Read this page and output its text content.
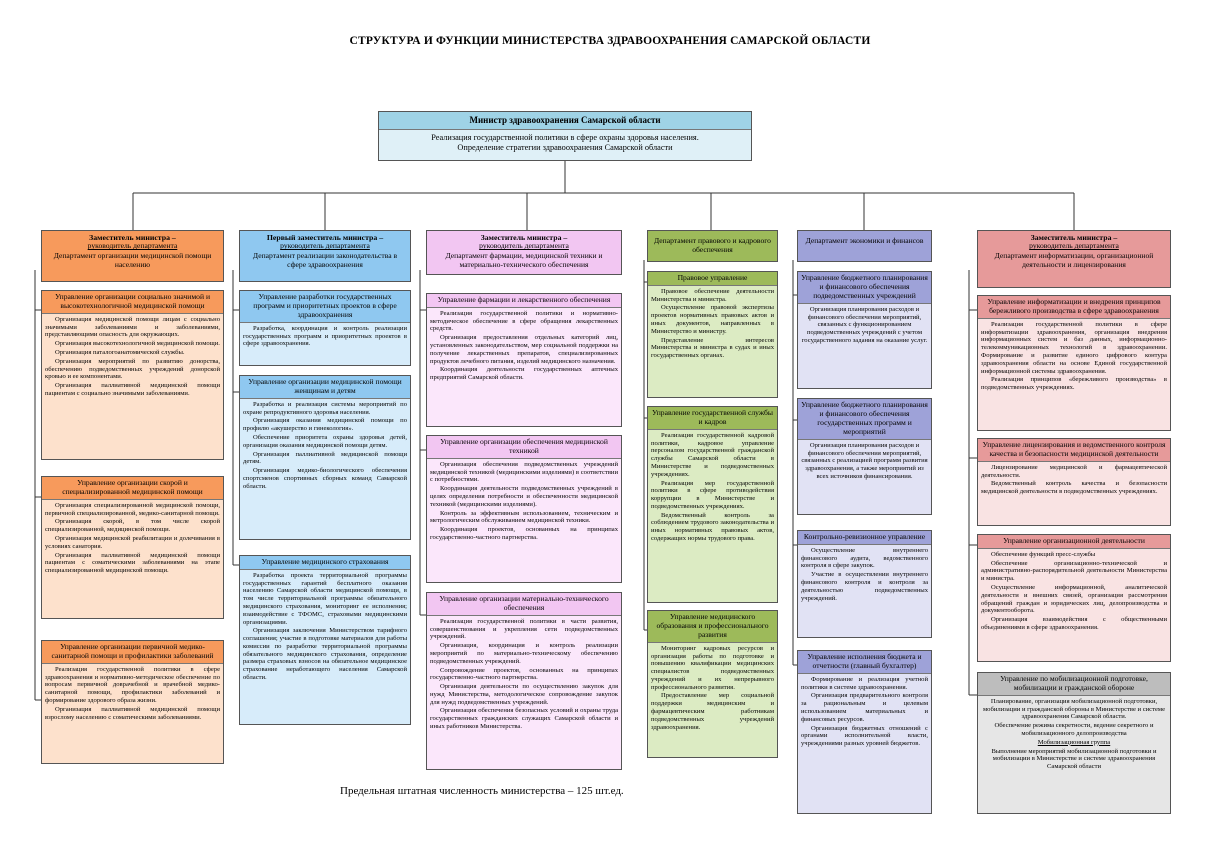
СТРУКТУРА И ФУНКЦИИ МИНИСТЕРСТВА ЗДРАВООХРАНЕНИЯ САМАРСКОЙ ОБЛАСТИ
Министр здравоохранения Самарской области
Реализация государственной политики в сфере охраны здоровья населения.
Определение стратегии здравоохранения Самарской области
Заместитель министра –
руководитель департамента
Департамент организации медицинской помощи населению
Управление организации социально значимой и высокотехнологичной медицинской помощи

Организация медицинской помощи лицам с социально значимыми заболеваниями и заболеваниями, представляющими опасность для окружающих.

Организация высокотехнологичной медицинской помощи.

Организация паталогоанатомической службы.

Организация мероприятий по развитию донорства, обеспечению подведомственных учреждений донорской кровью и ее компонентами.

Организация паллиативной медицинской помощи пациентам с социально значимыми заболеваниями.

Управление организации скорой и специализированной медицинской помощи

Организация специализированной медицинской помощи, первичной специализированной, медико-санитарной помощи.

Организация скорой, в том числе скорой специализированной, медицинской помощи.

Организация медицинской реабилитации и долечивания в условиях санатория.

Организация паллиативной медицинской помощи пациентам с соматическими заболеваниями на этапе специализированной медицинской помощи.

Управление организации первичной медико-санитарной помощи и профилактики заболеваний

Реализация государственной политики в сфере здравоохранения и нормативно-методическое обеспечение по вопросам первичной доврачебной и врачебной медико-санитарной помощи, профилактики заболеваний и формирование здорового образа жизни.

Организация паллиативной медицинской помощи взрослому населению с соматическими заболеваниями.

Первый заместитель министра –
руководитель департамента
Департамент реализации законодательства в сфере здравоохранения
Управление разработки государственных программ и приоритетных проектов в сфере здравоохранения

Разработка, координация и контроль реализации государственных программ и приоритетных проектов в сфере здравоохранения.

Управление организации медицинской помощи женщинам и детям

Разработка и реализация системы мероприятий по охране репродуктивного здоровья населения.

Организация оказания медицинской помощи по профилю «акушерство и гинекология».

Обеспечение приоритета охраны здоровья детей, организация оказания медицинской помощи детям.

Организация паллиативной медицинской помощи детям.

Организация медико-биологического обеспечения спортсменов спортивных сборных команд Самарской области.

Управление медицинского страхования

Разработка проекта территориальной программы государственных гарантий бесплатного оказания населению Самарской области медицинской помощи, в том числе территориальной программы обязательного медицинского страхования, мониторинг ее исполнения; взаимодействие с ТФОМС, страховыми медицинскими организациями.

Организация заключения Министерством тарифного соглашения; участие в подготовке материалов для работы комиссии по разработке территориальной программы обязательного медицинского страхования, определение размера страховых взносов на обязательное медицинское страхование неработающего населения Самарской области.

Заместитель министра –
руководитель департамента
Департамент фармации, медицинской техники и материально-технического обеспечения
Управление фармации и лекарственного обеспечения

Реализация государственной политики и нормативно-методическое обеспечение в сфере обращения лекарственных средств.

Организация предоставления отдельных категорий лиц, установленных законодательством, мер социальной поддержки на получение лекарственных препаратов, специализированных продуктов лечебного питания, изделий медицинского назначения.

Координация деятельности государственных аптечных предприятий Самарской области.

Управление организации обеспечения медицинской техникой

Организация обеспечения подведомственных учреждений медицинской техникой (медицинскими изделиями) в соответствии с потребностями.

Координация деятельности подведомственных учреждений в целях определения потребности и обеспеченности медицинской техникой (медицинскими изделиями).

Контроль за эффективным использованием, техническим и метрологическим обслуживанием медицинской техники.

Координация проектов, основанных на принципах государственно-частного партнерства.

Управление организации материально-технического обеспечения

Реализация государственной политики в части развития, совершенствования и укрепления сети подведомственных учреждений.

Организация, координация и контроль реализации мероприятий по материально-техническому обеспечению подведомственных учреждений.

Сопровождение проектов, основанных на принципах государственно-частного партнерства.

Организация деятельности по осуществлению закупок для нужд Министерства, методологическое сопровождение закупок для нужд подведомственных учреждений.

Организация обеспечения безопасных условий и охраны труда государственных гражданских служащих Самарской области и иных работников Министерства.

Департамент правового и кадрового обеспечения
Правовое управление

Правовое обеспечение деятельности Министерства и министра.

Осуществление правовой экспертизы проектов нормативных правовых актов и иных документов, направленных в Министерство и министру.

Представление интересов Министерства и министра в судах и иных государственных органах.

Управление государственной службы и кадров

Реализация государственной кадровой политики, кадровое управление персоналом государственной гражданской службы Самарской области в Министерстве и подведомственных учреждениях.

Реализация мер государственной политики в сфере противодействия коррупции в Министерстве и подведомственных учреждениях.

Ведомственный контроль за соблюдением трудового законодательства и иных нормативных правовых актов, содержащих нормы трудового права.

Управление медицинского образования и профессионального развития

Мониторинг кадровых ресурсов и организация работы по подготовке и повышению квалификации медицинских специалистов подведомственных учреждений и их непрерывного профессионального развития.

Предоставление мер социальной поддержки медицинским и фармацевтическим работникам подведомственных учреждений здравоохранения.

Департамент экономики и финансов
Управление бюджетного планирования и финансового обеспечения подведомственных учреждений

Организация планирования расходов и финансового обеспечения мероприятий, связанных с функционированием подведомственных учреждений с учетом государственного задания на оказание услуг.

Управление бюджетного планирования и финансового обеспечения государственных программ и мероприятий

Организация планирования расходов и финансового обеспечения мероприятий, связанных с реализацией программ развития здравоохранения, а также мероприятий из всех источников финансирования.

Контрольно-ревизионное управление

Осуществление внутреннего финансового аудита, ведомственного контроля в сфере закупок.

Участие в осуществлении внутреннего финансового контроля и контроля за деятельностью подведомственных учреждений.

Управление исполнения бюджета и отчетности (главный бухгалтер)

Формирование и реализация учетной политики в системе здравоохранения.

Организация предварительного контроля за рациональным и целевым использованием материальных и финансовых ресурсов.

Организация бюджетных отношений с органами исполнительной власти, учреждениями разных уровней бюджетов.

Заместитель министра –
руководитель департамента
Департамент информатизации, организационной деятельности и лицензирования
Управление информатизации и внедрения принципов бережливого производства в сфере здравоохранения

Реализация государственной политики в сфере информатизации здравоохранения, организация внедрения информационных систем и баз данных, информационно-телекоммуникационных технологий в здравоохранении. Формирование и развитие единого цифрового контура здравоохранения области на основе Единой государственной информационной системы здравоохранения.

Реализация принципов «бережливого производства» в подведомственных учреждениях.

Управление лицензирования и ведомственного контроля качества и безопасности медицинской деятельности

Лицензирование медицинской и фармацевтической деятельности.

Ведомственный контроль качества и безопасности медицинской деятельности в подведомственных учреждениях.

Управление организационной деятельности

Обеспечение функций пресс-службы

Обеспечение организационно-технической и административно-распорядительной деятельности Министерства и министра.

Осуществление информационной, аналитической деятельности и внешних связей, организация рассмотрения обращений граждан и юридических лиц, делопроизводства и документооборота.

Организация взаимодействия с общественными объединениями в сфере здравоохранения.

Управление по мобилизационной подготовке, мобилизации и гражданской обороне

Планирование, организация мобилизационной подготовки, мобилизации и гражданской обороны в Министерстве и системе здравоохранения Самарской области.

Обеспечение режима секретности, ведение секретного и мобилизационного делопроизводства

Мобилизационная группа

Выполнение мероприятий мобилизационной подготовки и мобилизации в Министерстве и системе здравоохранения Самарской области

Предельная штатная численность министерства – 125 шт.ед.
